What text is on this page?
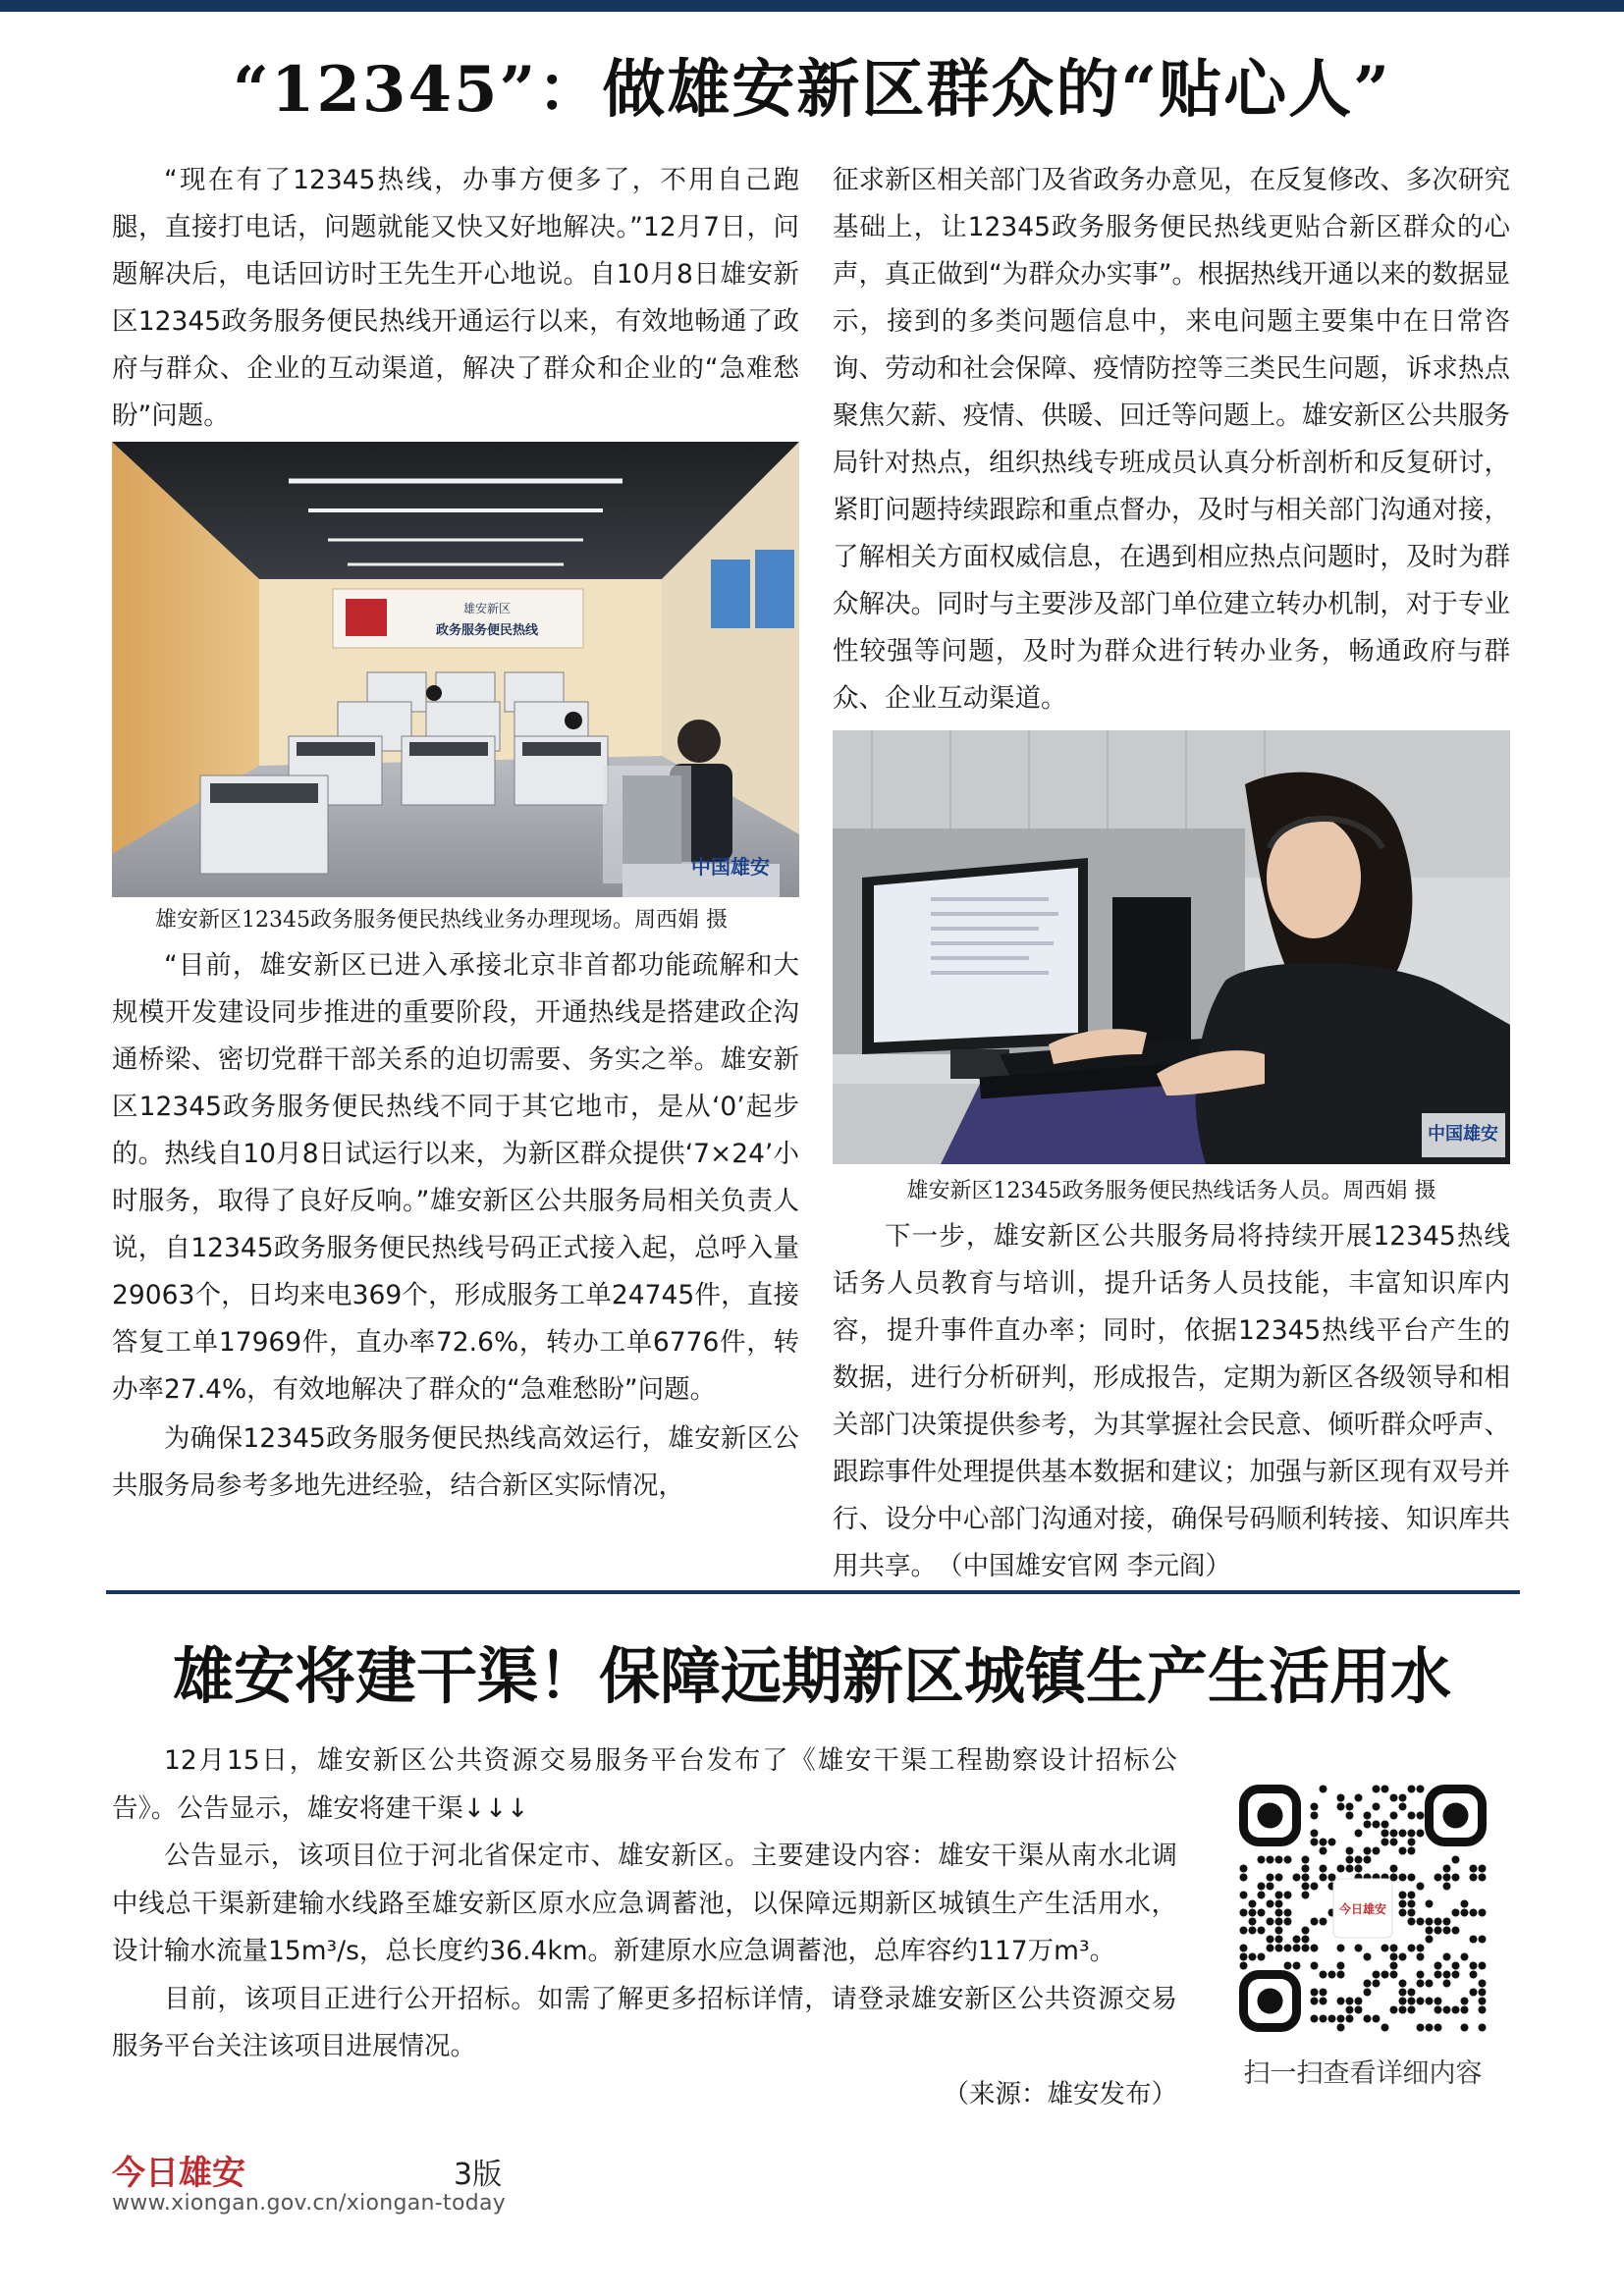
“12345”：做雄安新区群众的“贴心人”

“现在有了12345热线，办事方便多了，不用自己跑腿，直接打电话，问题就能又快又好地解决。”12月7日，问题解决后，电话回访时王先生开心地说。自10月8日雄安新区12345政务服务便民热线开通运行以来，有效地畅通了政府与群众、企业的互动渠道，解决了群众和企业的“急难愁盼”问题。

雄安新区
政务服务便民热线
中国雄安

雄安新区12345政务服务便民热线业务办理现场。周西娟 摄

“目前，雄安新区已进入承接北京非首都功能疏解和大规模开发建设同步推进的重要阶段，开通热线是搭建政企沟通桥梁、密切党群干部关系的迫切需要、务实之举。雄安新区12345政务服务便民热线不同于其它地市，是从‘0’起步的。热线自10月8日试运行以来，为新区群众提供‘7×24’小时服务，取得了良好反响。”雄安新区公共服务局相关负责人说，自12345政务服务便民热线号码正式接入起，总呼入量29063个，日均来电369个，形成服务工单24745件，直接答复工单17969件，直办率72.6%，转办工单6776件，转办率27.4%，有效地解决了群众的“急难愁盼”问题。

为确保12345政务服务便民热线高效运行，雄安新区公共服务局参考多地先进经验，结合新区实际情况，

征求新区相关部门及省政务办意见，在反复修改、多次研究基础上，让12345政务服务便民热线更贴合新区群众的心声，真正做到“为群众办实事”。根据热线开通以来的数据显示，接到的多类问题信息中，来电问题主要集中在日常咨询、劳动和社会保障、疫情防控等三类民生问题，诉求热点聚焦欠薪、疫情、供暖、回迁等问题上。雄安新区公共服务局针对热点，组织热线专班成员认真分析剖析和反复研讨，紧盯问题持续跟踪和重点督办，及时与相关部门沟通对接，了解相关方面权威信息，在遇到相应热点问题时，及时为群众解决。同时与主要涉及部门单位建立转办机制，对于专业性较强等问题，及时为群众进行转办业务，畅通政府与群众、企业互动渠道。

中国雄安

雄安新区12345政务服务便民热线话务人员。周西娟 摄

下一步，雄安新区公共服务局将持续开展12345热线话务人员教育与培训，提升话务人员技能，丰富知识库内容，提升事件直办率；同时，依据12345热线平台产生的数据，进行分析研判，形成报告，定期为新区各级领导和相关部门决策提供参考，为其掌握社会民意、倾听群众呼声、跟踪事件处理提供基本数据和建议；加强与新区现有双号并行、设分中心部门沟通对接，确保号码顺利转接、知识库共用共享。　（中国雄安官网 李元阎）

雄安将建干渠！保障远期新区城镇生产生活用水

12月15日，雄安新区公共资源交易服务平台发布了《雄安干渠工程勘察设计招标公告》。公告显示，雄安将建干渠↓↓↓

公告显示，该项目位于河北省保定市、雄安新区。主要建设内容：雄安干渠从南水北调中线总干渠新建输水线路至雄安新区原水应急调蓄池，以保障远期新区城镇生产生活用水，设计输水流量15m³/s，总长度约36.4km。新建原水应急调蓄池，总库容约117万m³。

目前，该项目正进行公开招标。如需了解更多招标详情，请登录雄安新区公共资源交易服务平台关注该项目进展情况。

（来源：雄安发布）

今日雄安

扫一扫查看详细内容

今日雄安	3版
www.xiongan.gov.cn/xiongan-today
